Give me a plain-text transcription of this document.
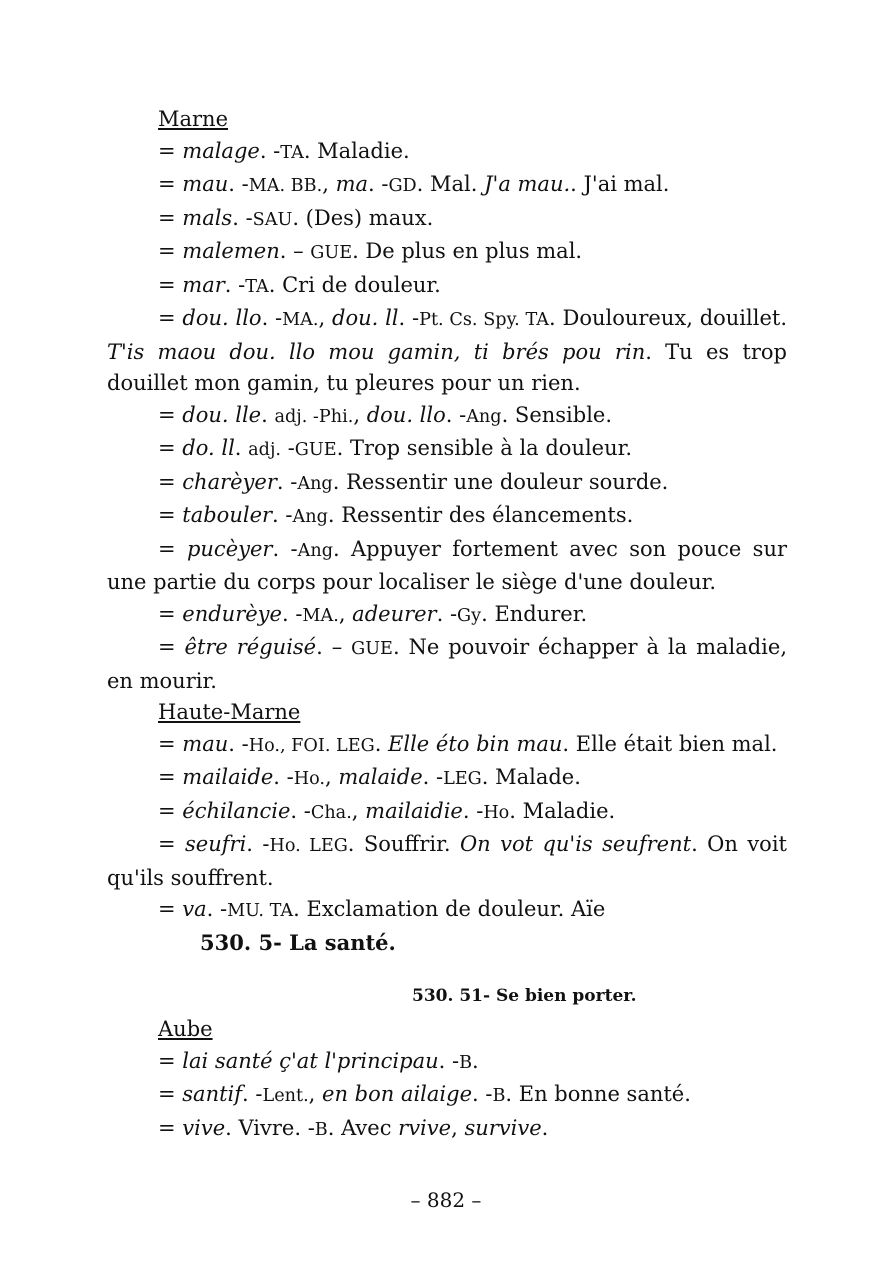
Marne

= malage. -TA. Maladie.

= mau. -MA. BB., ma. -GD. Mal. J'a mau.. J'ai mal.

= mals. -SAU. (Des) maux.

= malemen. – GUE. De plus en plus mal.

= mar. -TA. Cri de douleur.

= dou. llo. -MA., dou. ll. -Pt. Cs. Spy. TA. Douloureux, douillet. T'is maou dou. llo mou gamin, ti brés pou rin. Tu es trop douillet mon gamin, tu pleures pour un rien.

= dou. lle. adj. -Phi., dou. llo. -Ang. Sensible.

= do. ll. adj. -GUE. Trop sensible à la douleur.

= charèyer. -Ang. Ressentir une douleur sourde.

= tabouler. -Ang. Ressentir des élancements.

= pucèyer. -Ang. Appuyer fortement avec son pouce sur une partie du corps pour localiser le siège d'une douleur.

= endurèye. -MA., adeurer. -Gy. Endurer.

= être réguisé. – GUE. Ne pouvoir échapper à la maladie, en mourir.

Haute-Marne

= mau. -Ho., FOI. LEG. Elle éto bin mau. Elle était bien mal.

= mailaide. -Ho., malaide. -LEG. Malade.

= échilancie. -Cha., mailaidie. -Ho. Maladie.

= seufri. -Ho. LEG. Souffrir. On vot qu'is seufrent. On voit qu'ils souffrent.

= va. -MU. TA. Exclamation de douleur. Aïe

530. 5- La santé.
530. 51- Se bien porter.

Aube

= lai santé ç'at l'principau. -B.

= santif. -Lent., en bon ailaige. -B. En bonne santé.

= vive. Vivre. -B. Avec rvive, survive.

– 882 –
